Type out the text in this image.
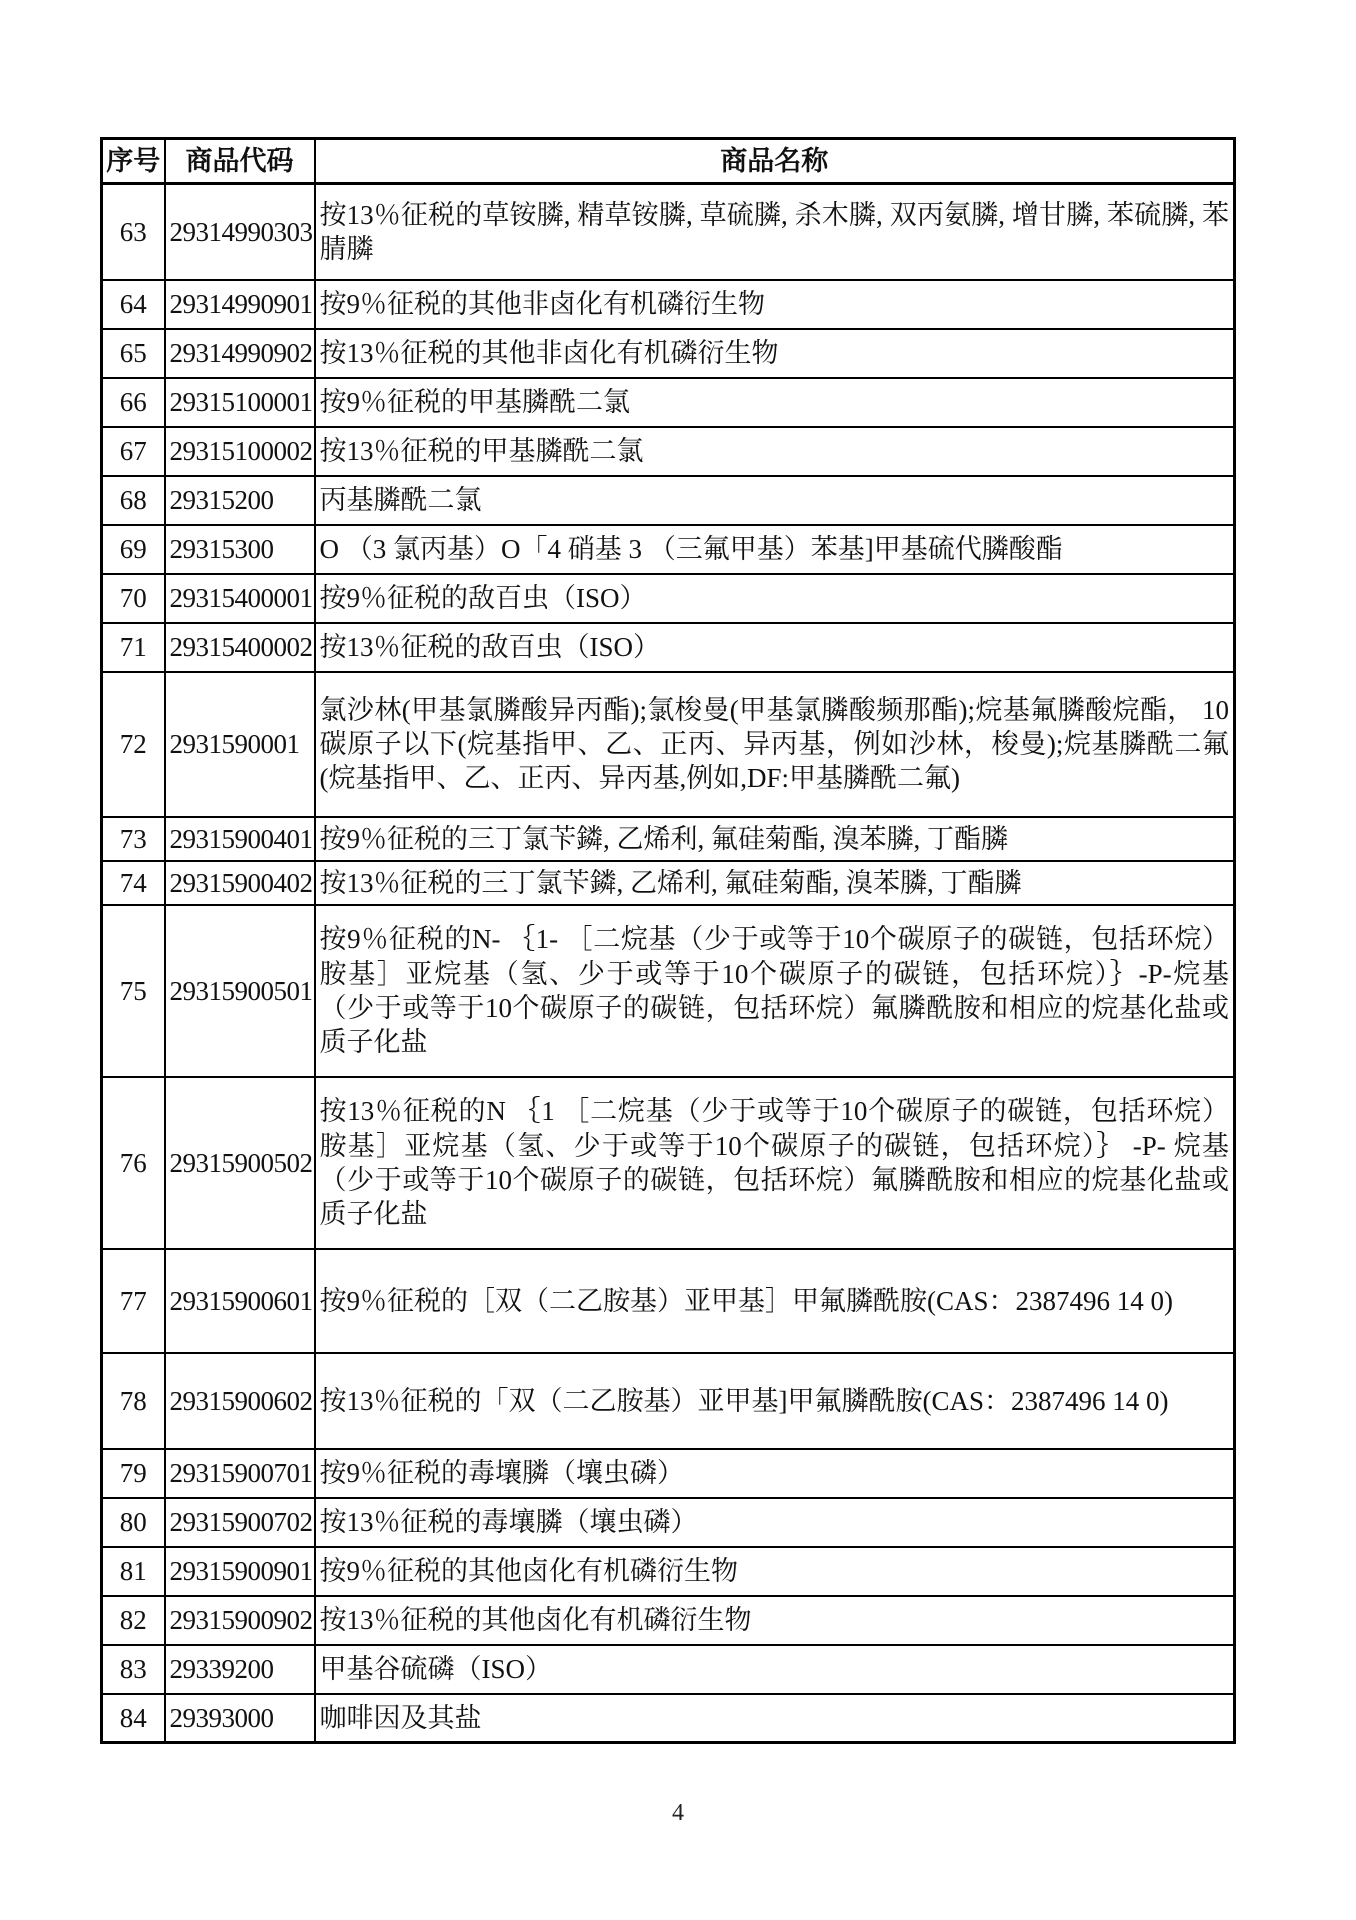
序号	商品代码	商品名称
63	29314990303	按13％征税的草铵膦, 精草铵膦, 草硫膦, 杀木膦, 双丙氨膦, 增甘膦, 苯硫膦, 苯腈膦
64	29314990901	按9％征税的其他非卤化有机磷衍生物
65	29314990902	按13％征税的其他非卤化有机磷衍生物
66	29315100001	按9％征税的甲基膦酰二氯
67	29315100002	按13％征税的甲基膦酰二氯
68	29315200	丙基膦酰二氯
69	29315300	O （3 氯丙基）O「4 硝基 3 （三氟甲基）苯基]甲基硫代膦酸酯
70	29315400001	按9％征税的敌百虫（ISO）
71	29315400002	按13％征税的敌百虫（ISO）
72	2931590001	氯沙林(甲基氯膦酸异丙酯);氯梭曼(甲基氯膦酸频那酯);烷基氟膦酸烷酯， 10碳原子以下(烷基指甲、乙、正丙、异丙基，例如沙林，梭曼);烷基膦酰二氟(烷基指甲、乙、正丙、异丙基,例如,DF:甲基膦酰二氟)
73	29315900401	按9％征税的三丁氯苄鏻, 乙烯利, 氟硅菊酯, 溴苯膦, 丁酯膦
74	29315900402	按13％征税的三丁氯苄鏻, 乙烯利, 氟硅菊酯, 溴苯膦, 丁酯膦
75	29315900501	按9％征税的N- ｛1- ［二烷基（少于或等于10个碳原子的碳链，包括环烷）胺基］亚烷基（氢、少于或等于10个碳原子的碳链，包括环烷）｝-P-烷基（少于或等于10个碳原子的碳链，包括环烷）氟膦酰胺和相应的烷基化盐或质子化盐
76	29315900502	按13％征税的N ｛1 ［二烷基（少于或等于10个碳原子的碳链，包括环烷）胺基］亚烷基（氢、少于或等于10个碳原子的碳链，包括环烷）｝ -P- 烷基（少于或等于10个碳原子的碳链，包括环烷）氟膦酰胺和相应的烷基化盐或质子化盐
77	29315900601	按9％征税的［双（二乙胺基）亚甲基］甲氟膦酰胺(CAS：2387496 14 0)
78	29315900602	按13％征税的「双（二乙胺基）亚甲基]甲氟膦酰胺(CAS：2387496 14 0)
79	29315900701	按9％征税的毒壤膦（壤虫磷）
80	29315900702	按13％征税的毒壤膦（壤虫磷）
81	29315900901	按9％征税的其他卤化有机磷衍生物
82	29315900902	按13％征税的其他卤化有机磷衍生物
83	29339200	甲基谷硫磷（ISO）
84	29393000	咖啡因及其盐
4
